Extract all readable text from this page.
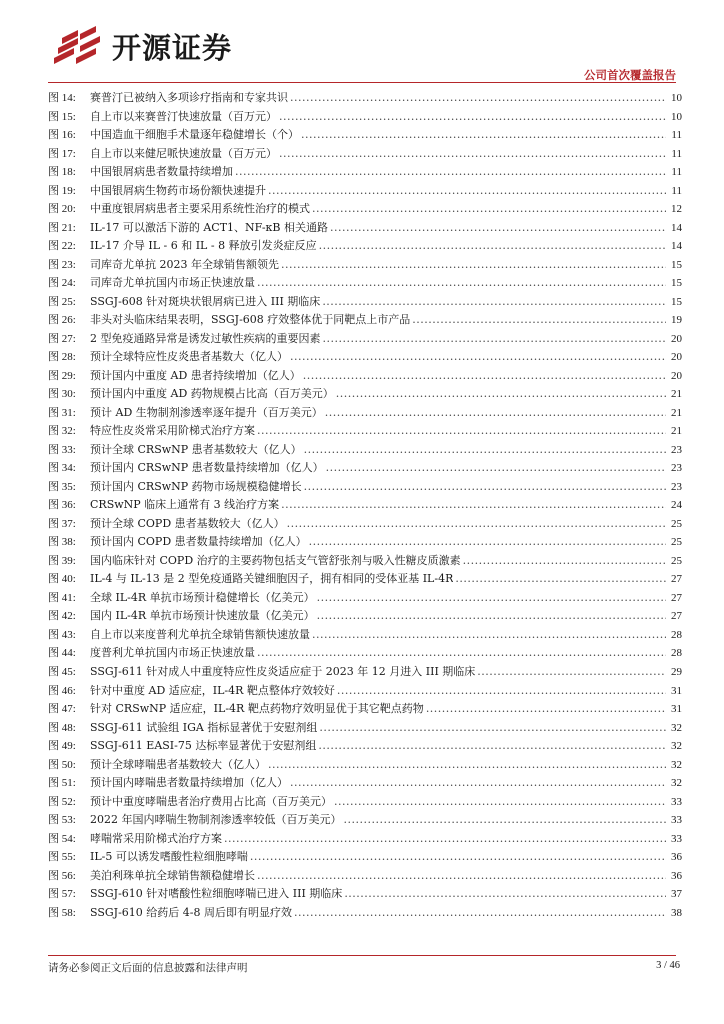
开源证券
公司首次覆盖报告
图 14:	赛普汀已被纳入多项诊疗指南和专家共识 .....	10
图 15:	自上市以来赛普汀快速放量（百万元） .....	10
图 16:	中国造血干细胞手术量逐年稳健增长（个） .....	11
图 17:	自上市以来健尼哌快速放量（百万元） .....	11
图 18:	中国银屑病患者数量持续增加 .....	11
图 19:	中国银屑病生物药市场份额快速提升 .....	11
图 20:	中重度银屑病患者主要采用系统性治疗的模式 .....	12
图 21:	IL-17 可以激活下游的 ACT1、NF-κB 相关通路 .....	14
图 22:	IL-17 介导 IL - 6 和 IL - 8 释放引发炎症反应 .....	14
图 23:	司库奇尤单抗 2023 年全球销售额领先 .....	15
图 24:	司库奇尤单抗国内市场正快速放量 .....	15
图 25:	SSGJ-608 针对斑块状银屑病已进入 III 期临床 .....	15
图 26:	非头对头临床结果表明，SSGJ-608 疗效整体优于同靶点上市产品 .....	19
图 27:	2 型免疫通路异常是诱发过敏性疾病的重要因素 .....	20
图 28:	预计全球特应性皮炎患者基数大（亿人） .....	20
图 29:	预计国内中重度 AD 患者持续增加（亿人） .....	20
图 30:	预计国内中重度 AD 药物规模占比高（百万美元） .....	21
图 31:	预计 AD 生物制剂渗透率逐年提升（百万美元） .....	21
图 32:	特应性皮炎常采用阶梯式治疗方案 .....	21
图 33:	预计全球 CRSwNP 患者基数较大（亿人） .....	23
图 34:	预计国内 CRSwNP 患者数量持续增加（亿人） .....	23
图 35:	预计国内 CRSwNP 药物市场规模稳健增长 .....	23
图 36:	CRSwNP 临床上通常有 3 线治疗方案 .....	24
图 37:	预计全球 COPD 患者基数较大（亿人） .....	25
图 38:	预计国内 COPD 患者数量持续增加（亿人） .....	25
图 39:	国内临床针对 COPD 治疗的主要药物包括支气管舒张剂与吸入性糖皮质激素 .....	25
图 40:	IL-4 与 IL-13 是 2 型免疫通路关键细胞因子，拥有相同的受体亚基 IL-4R .....	27
图 41:	全球 IL-4R 单抗市场预计稳健增长（亿美元） .....	27
图 42:	国内 IL-4R 单抗市场预计快速放量（亿美元） .....	27
图 43:	自上市以来度普利尤单抗全球销售额快速放量 .....	28
图 44:	度普利尤单抗国内市场正快速放量 .....	28
图 45:	SSGJ-611 针对成人中重度特应性皮炎适应症于 2023 年 12 月进入 III 期临床 .....	29
图 46:	针对中重度 AD 适应症，IL-4R 靶点整体疗效较好 .....	31
图 47:	针对 CRSwNP 适应症，IL-4R 靶点药物疗效明显优于其它靶点药物 .....	31
图 48:	SSGJ-611 试验组 IGA 指标显著优于安慰剂组 .....	32
图 49:	SSGJ-611 EASI-75 达标率显著优于安慰剂组 .....	32
图 50:	预计全球哮喘患者基数较大（亿人） .....	32
图 51:	预计国内哮喘患者数量持续增加（亿人） .....	32
图 52:	预计中重度哮喘患者治疗费用占比高（百万美元） .....	33
图 53:	2022 年国内哮喘生物制剂渗透率较低（百万美元） .....	33
图 54:	哮喘常采用阶梯式治疗方案 .....	33
图 55:	IL-5 可以诱发嗜酸性粒细胞哮喘 .....	36
图 56:	美泊利珠单抗全球销售额稳健增长 .....	36
图 57:	SSGJ-610 针对嗜酸性粒细胞哮喘已进入 III 期临床 .....	37
图 58:	SSGJ-610 给药后 4-8 周后即有明显疗效 .....	38
请务必参阅正文后面的信息披露和法律声明	3 / 46
